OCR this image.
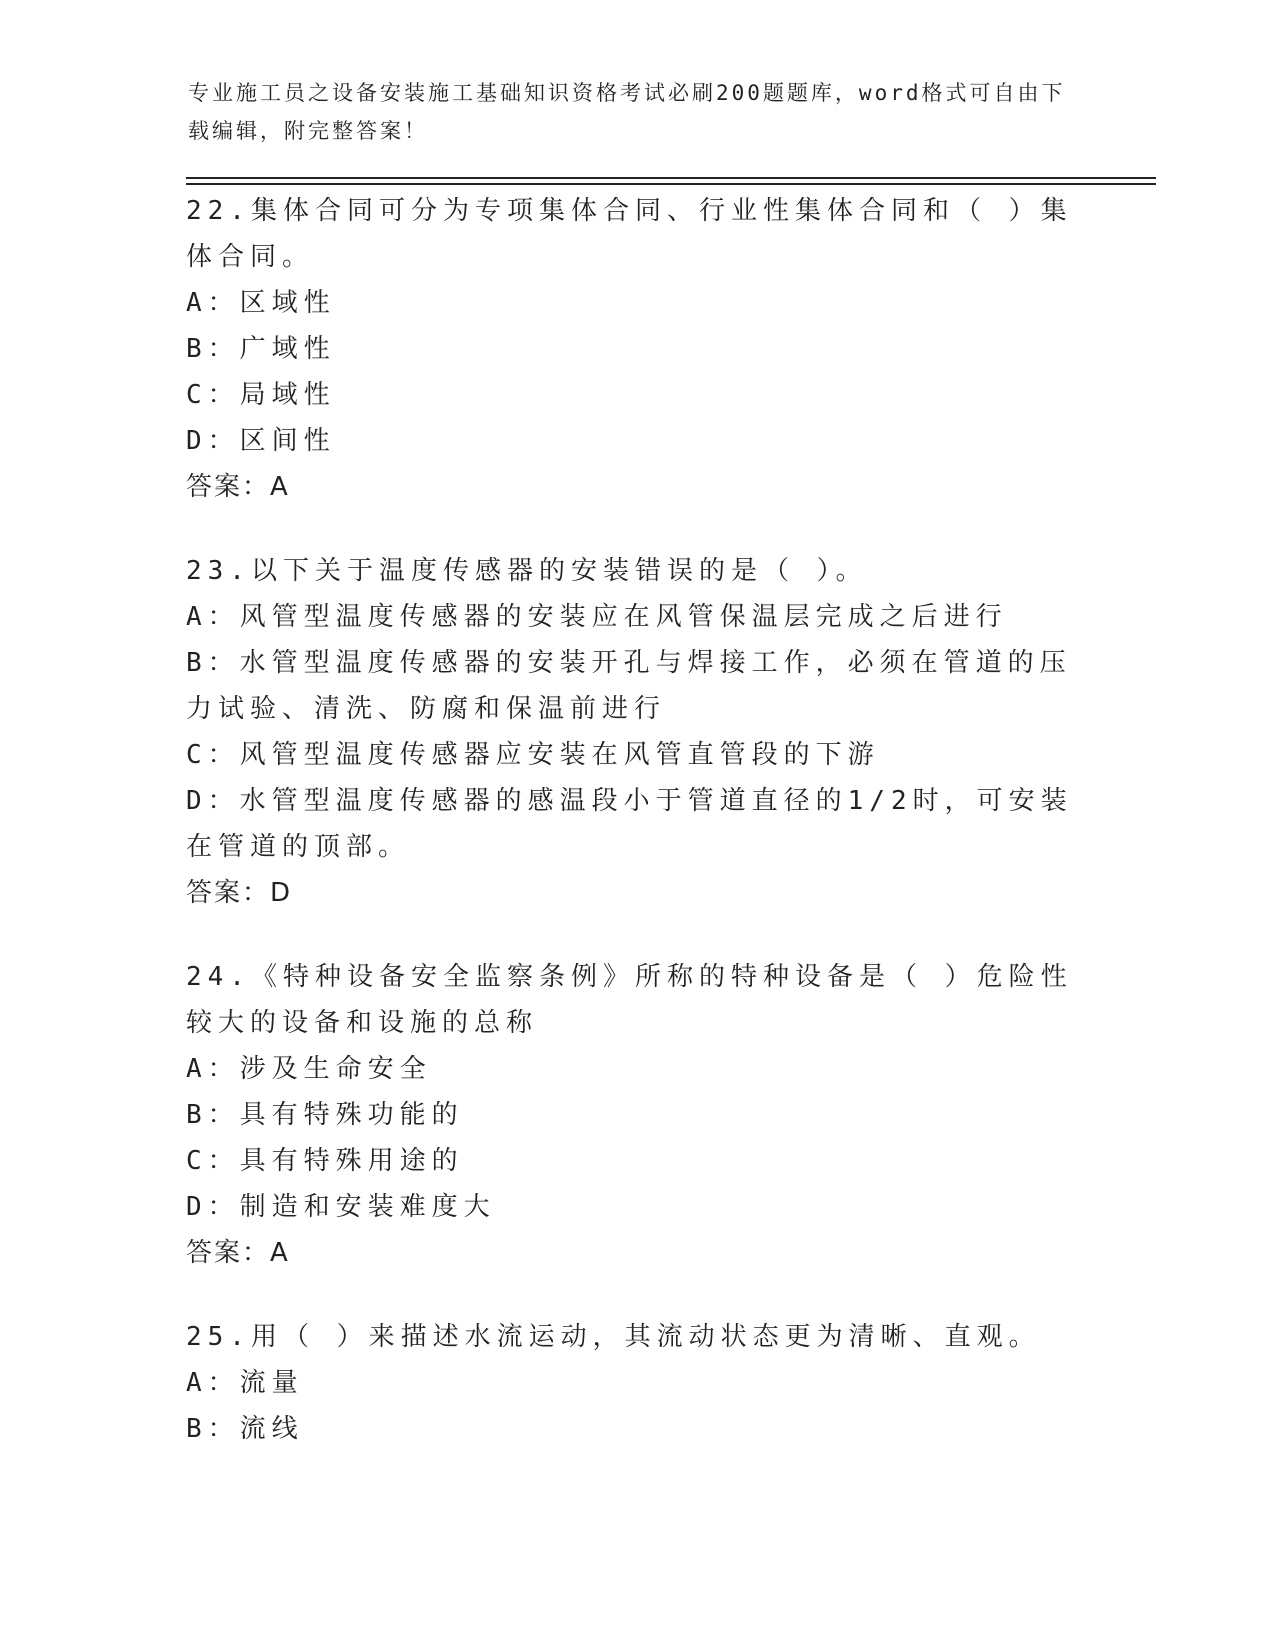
专业施工员之设备安装施工基础知识资格考试必刷200题题库，word格式可自由下载编辑，附完整答案！
22.集体合同可分为专项集体合同、行业性集体合同和（ ）集体合同。
A：区域性
B：广域性
C：局域性
D：区间性
答案：A
23.以下关于温度传感器的安装错误的是（ ）。
A：风管型温度传感器的安装应在风管保温层完成之后进行
B：水管型温度传感器的安装开孔与焊接工作，必须在管道的压力试验、清洗、防腐和保温前进行
C：风管型温度传感器应安装在风管直管段的下游
D：水管型温度传感器的感温段小于管道直径的1/2时，可安装在管道的顶部。
答案：D
24.《特种设备安全监察条例》所称的特种设备是（ ）危险性较大的设备和设施的总称
A：涉及生命安全
B：具有特殊功能的
C：具有特殊用途的
D：制造和安装难度大
答案：A
25.用（ ）来描述水流运动，其流动状态更为清晰、直观。
A：流量
B：流线
